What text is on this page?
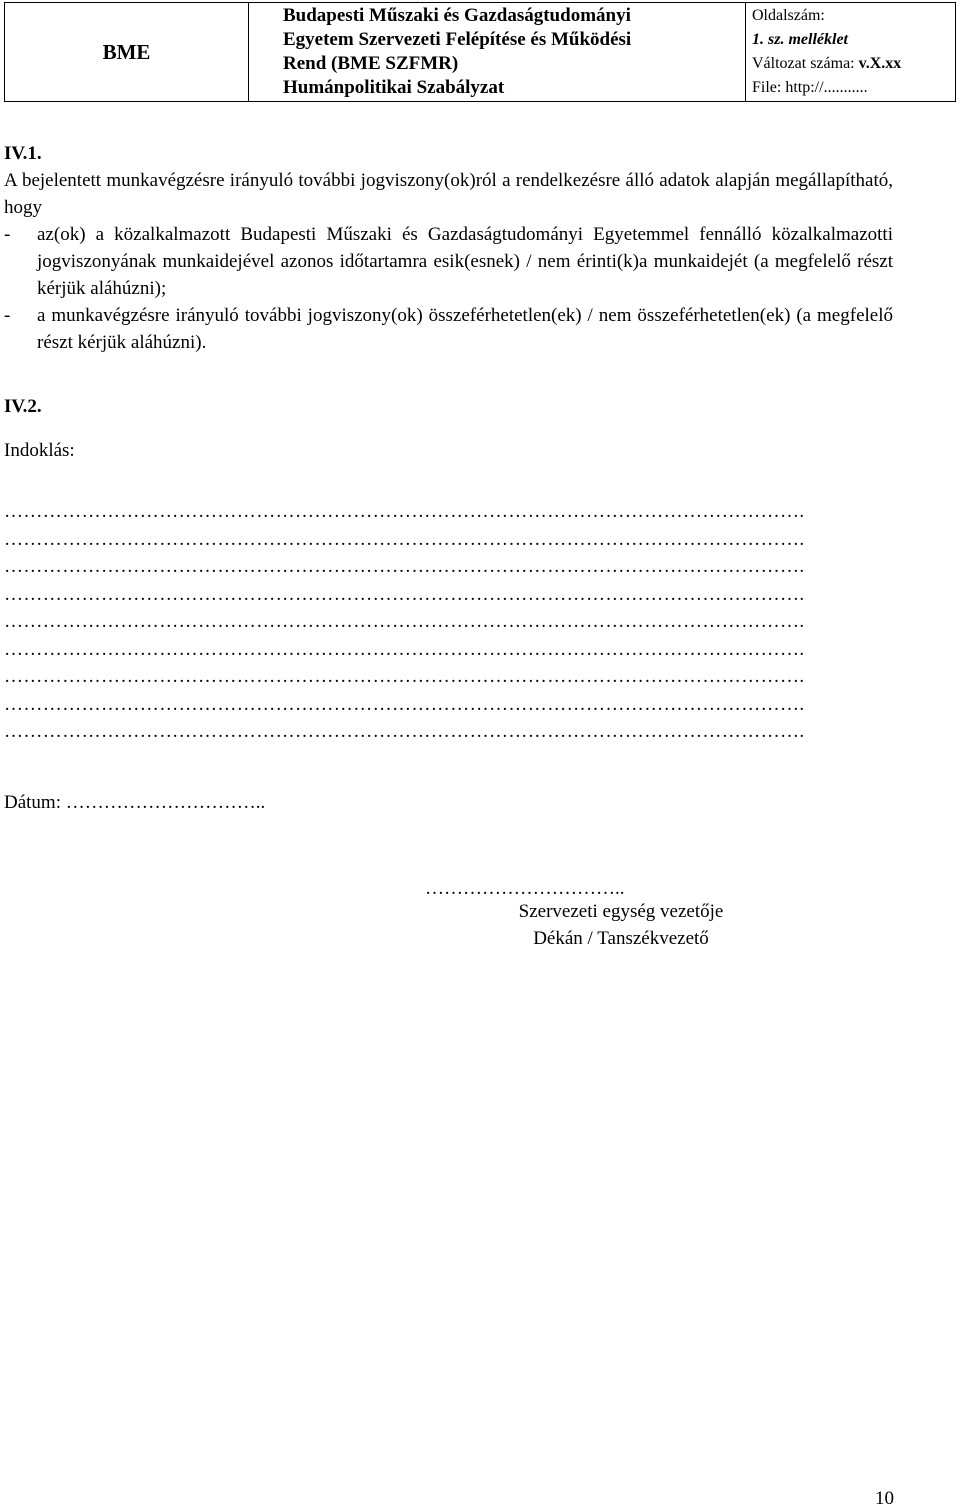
BME	
Budapesti Műszaki és Gazdaságtudományi
Egyetem Szervezeti Felépítése és Működési
Rend (BME SZFMR)
Humánpolitikai Szabályzat

Oldalszám:
1. sz. melléklet
Változat száma: v.X.xx
File: http://...........

IV.1.

A bejelentett munkavégzésre irányuló további jogviszony(ok)ról a rendelkezésre álló adatok alapján megállapítható, hogy

-	az(ok) a közalkalmazott Budapesti Műszaki és Gazdaságtudományi Egyetemmel fennálló közalkalmazotti jogviszonyának munkaidejével azonos időtartamra esik(esnek) / nem érinti(k)a munkaidejét (a megfelelő részt kérjük aláhúzni);
-	a munkavégzésre irányuló további jogviszony(ok) összeférhetetlen(ek) / nem összeférhetetlen(ek) (a megfelelő részt kérjük aláhúzni).

IV.2.

Indoklás:

…………………………………………………………………………………………………………….
…………………………………………………………………………………………………………….
…………………………………………………………………………………………………………….
…………………………………………………………………………………………………………….
…………………………………………………………………………………………………………….
…………………………………………………………………………………………………………….
…………………………………………………………………………………………………………….
…………………………………………………………………………………………………………….
…………………………………………………………………………………………………………….

Dátum: …………………………..

…………………………..

Szervezeti egység vezetője
Dékán / Tanszékvezető

10
